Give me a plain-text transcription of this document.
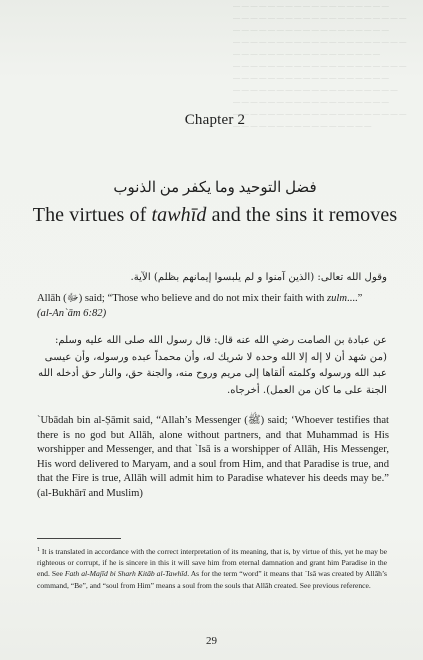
— — — — — — — — — — — — — — — — — —
— — — — — — — — — — — — — — — — — — — —
— — — — — — — — — — — — — — — — — —
— — — — — — — — — — — — — — — — — — — —
— — — — — — — — — — — — — — — — —
— — — — — — — — — — — — — — — — — — — —
— — — — — — — — — — — — — — — — — —
— — — — — — — — — — — — — — — — — — —
— — — — — — — — — — — — — — — — — —
— — — — — — — — — — — — — — — — — — — —
— — — — — — — — — — — — — — — —
Chapter 2
فضل التوحيد وما يكفر من الذنوب
The virtues of tawhīd and the sins it removes
وقول الله تعالى: (الذين آمنوا و لم يلبسوا إيمانهم بظلم) الآية.
Allāh (ﷻ) said; “Those who believe and do not mix their faith with zulm....”
(al-An`ām 6:82)
عن عبادة بن الصامت رضي الله عنه قال: قال رسول الله صلى الله عليه وسلم: (من شهد أن لا إله إلا الله وحده لا شريك له، وأن محمداً عبده ورسوله، وأن عيسى عبد الله ورسوله وكلمته ألقاها إلى مريم وروح منه، والجنة حق، والنار حق أدخله الله الجنة على ما كان من العمل). أخرجاه.
`Ubādah bin al-Ṣāmit said, “Allah’s Messenger (ﷺ) said; ‘Whoever testifies that there is no god but Allāh, alone without partners, and that Muhammad is His worshipper and Messenger, and that `Isā is a worshipper of Allāh, His Messenger, His word delivered to Maryam, and a soul from Him, and that Paradise is true, and that the Fire is true, Allāh will admit him to Paradise whatever his deeds may be.” (al-Bukhārī and Muslim)
$^1$ It is translated in accordance with the correct interpretation of its meaning, that is, by virtue of this, yet he may be righteous or corrupt, if he is sincere in this it will save him from eternal damnation and grant him Paradise in the end. See Fath al-Majīd bi Sharh Kitāb al-Tawhīd. As for the term “word” it means that `Isā was created by Allāh’s command, “Be”, and “soul from Him” means a soul from the souls that Allāh created. See previous reference.
29
